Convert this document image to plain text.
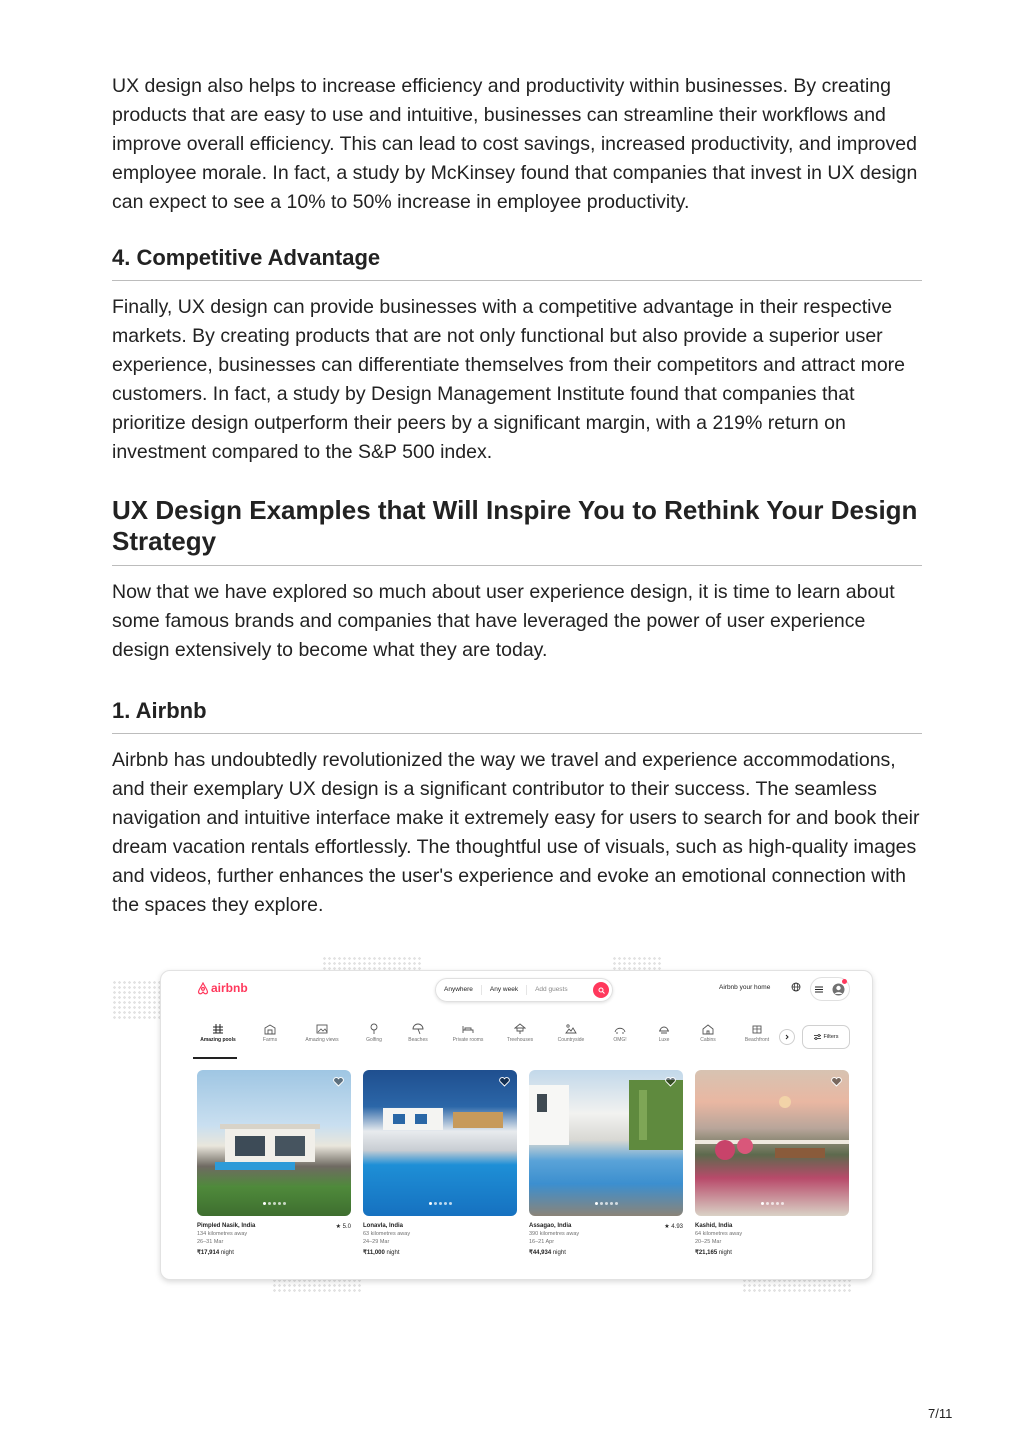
UX design also helps to increase efficiency and productivity within businesses. By creating products that are easy to use and intuitive, businesses can streamline their workflows and improve overall efficiency. This can lead to cost savings, increased productivity, and improved employee morale. In fact, a study by McKinsey found that companies that invest in UX design can expect to see a 10% to 50% increase in employee productivity.

4. Competitive Advantage

Finally, UX design can provide businesses with a competitive advantage in their respective markets. By creating products that are not only functional but also provide a superior user experience, businesses can differentiate themselves from their competitors and attract more customers. In fact, a study by Design Management Institute found that companies that prioritize design outperform their peers by a significant margin, with a 219% return on investment compared to the S&P 500 index.

UX Design Examples that Will Inspire You to Rethink Your Design Strategy

Now that we have explored so much about user experience design, it is time to learn about some famous brands and companies that have leveraged the power of user experience design extensively to become what they are today.

1. Airbnb

Airbnb has undoubtedly revolutionized the way we travel and experience accommodations, and their exemplary UX design is a significant contributor to their success. The seamless navigation and intuitive interface make it extremely easy for users to search for and book their dream vacation rentals effortlessly. The thoughtful use of visuals, such as high-quality images and videos, further enhances the user's experience and evoke an emotional connection with the spaces they explore.

airbnb	Anywhere	Any week	Add guests	Airbnb your home
Amazing pools	Farms	Amazing views	Golfing	Beaches	Private rooms	Treehouses	Countryside	OMG!	Luxe	Cabins	Beachfront	Filters
Pimpled Nasik, India	★ 5.0
134 kilometres away
26–31 Mar
₹17,914 night
Lonavla, India
63 kilometres away
24–29 Mar
₹11,000 night
Assagao, India	★ 4.93
390 kilometres away
16–21 Apr
₹44,934 night
Kashid, India
64 kilometres away
20–25 Mar
₹21,165 night
7/11
